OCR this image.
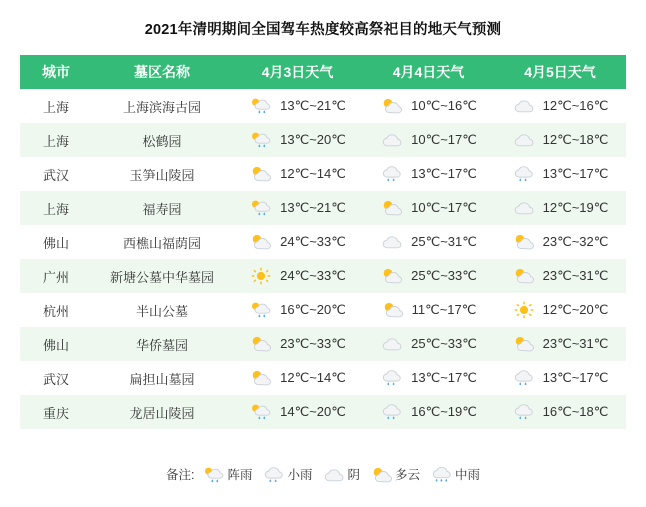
2021年清明期间全国驾车热度较高祭祀目的地天气预测
城市	墓区名称	4月3日天气	4月4日天气	4月5日天气
上海	上海滨海古园	13℃~21℃	10℃~16℃	12℃~16℃

上海	松鹤园	13℃~20℃	10℃~17℃	12℃~18℃

武汉	玉笋山陵园	12℃~14℃	13℃~17℃	13℃~17℃

上海	福寿园	13℃~21℃	10℃~17℃	12℃~19℃

佛山	西樵山福荫园	24℃~33℃	25℃~31℃	23℃~32℃

广州	新塘公墓中华墓园	24℃~33℃	25℃~33℃	23℃~31℃

杭州	半山公墓	16℃~20℃	11℃~17℃	12℃~20℃

佛山	华侨墓园	23℃~33℃	25℃~33℃	23℃~31℃

武汉	扁担山墓园	12℃~14℃	13℃~17℃	13℃~17℃

重庆	龙居山陵园	14℃~20℃	16℃~19℃	16℃~18℃
备注:	阵雨	小雨	阴	多云	中雨
